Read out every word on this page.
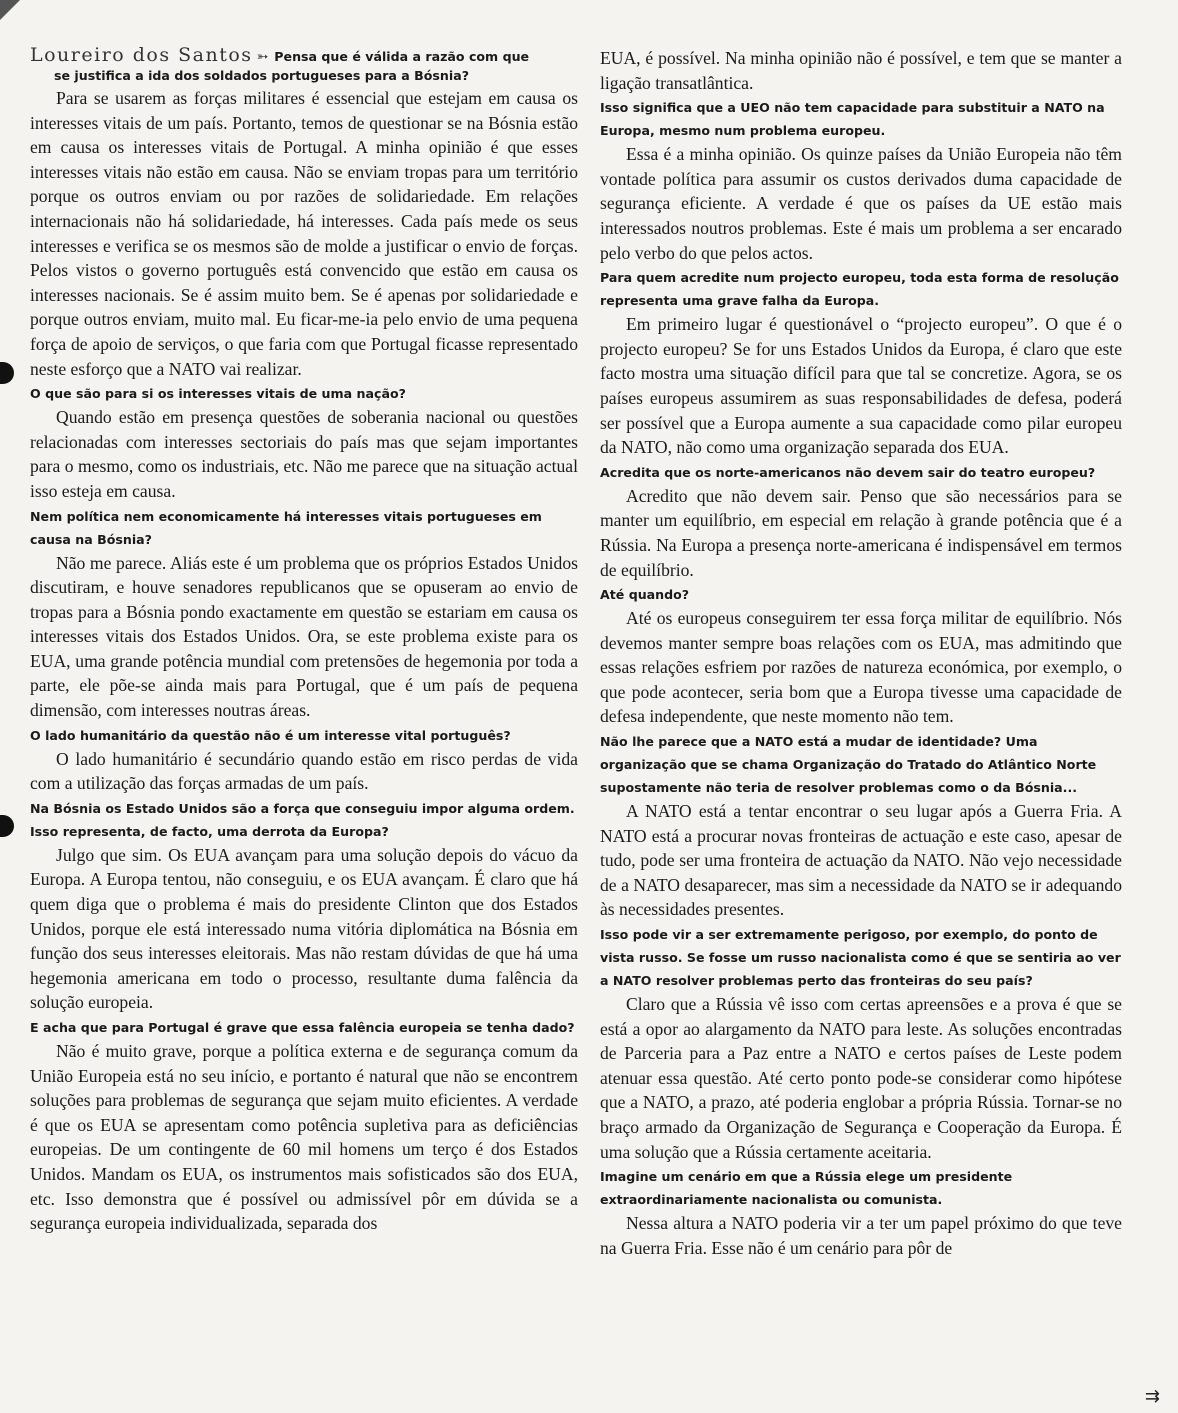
Loureiro dos Santos ➳ Pensa que é válida a razão com que
se justifica a ida dos soldados portugueses para a Bósnia?

Para se usarem as forças militares é essencial que estejam em causa os interesses vitais de um país. Portanto, temos de questionar se na Bósnia estão em causa os interesses vitais de Portugal. A minha opinião é que esses interesses vitais não estão em causa. Não se enviam tropas para um território porque os outros enviam ou por razões de solidariedade. Em relações internacionais não há solidariedade, há interesses. Cada país mede os seus interesses e verifica se os mesmos são de molde a justificar o envio de forças. Pelos vistos o governo português está convencido que estão em causa os interesses nacionais. Se é assim muito bem. Se é apenas por solidariedade e porque outros enviam, muito mal. Eu ficar-me-ia pelo envio de uma pequena força de apoio de serviços, o que faria com que Portugal ficasse representado neste esforço que a NATO vai realizar.

O que são para si os interesses vitais de uma nação?

Quando estão em presença questões de soberania nacional ou questões relacionadas com interesses sectoriais do país mas que sejam importantes para o mesmo, como os industriais, etc. Não me parece que na situação actual isso esteja em causa.

Nem política nem economicamente há interesses vitais portugueses em causa na Bósnia?

Não me parece. Aliás este é um problema que os próprios Estados Unidos discutiram, e houve senadores republicanos que se opuseram ao envio de tropas para a Bósnia pondo exactamente em questão se estariam em causa os interesses vitais dos Estados Unidos. Ora, se este problema existe para os EUA, uma grande potência mundial com pretensões de hegemonia por toda a parte, ele põe-se ainda mais para Portugal, que é um país de pequena dimensão, com interesses noutras áreas.

O lado humanitário da questão não é um interesse vital português?

O lado humanitário é secundário quando estão em risco perdas de vida com a utilização das forças armadas de um país.

Na Bósnia os Estado Unidos são a força que conseguiu impor alguma ordem. Isso representa, de facto, uma derrota da Europa?

Julgo que sim. Os EUA avançam para uma solução depois do vácuo da Europa. A Europa tentou, não conseguiu, e os EUA avançam. É claro que há quem diga que o problema é mais do presidente Clinton que dos Estados Unidos, porque ele está interessado numa vitória diplomática na Bósnia em função dos seus interesses eleitorais. Mas não restam dúvidas de que há uma hegemonia americana em todo o processo, resultante duma falência da solução europeia.

E acha que para Portugal é grave que essa falência europeia se tenha dado?

Não é muito grave, porque a política externa e de segurança comum da União Europeia está no seu início, e portanto é natural que não se encontrem soluções para problemas de segurança que sejam muito eficientes. A verdade é que os EUA se apresentam como potência supletiva para as deficiências europeias. De um contingente de 60 mil homens um terço é dos Estados Unidos. Mandam os EUA, os instrumentos mais sofisticados são dos EUA, etc. Isso demonstra que é possível ou admissível pôr em dúvida se a segurança europeia individualizada, separada dos

EUA, é possível. Na minha opinião não é possível, e tem que se manter a ligação transatlântica.

Isso significa que a UEO não tem capacidade para substituir a NATO na Europa, mesmo num problema europeu.

Essa é a minha opinião. Os quinze países da União Europeia não têm vontade política para assumir os custos derivados duma capacidade de segurança eficiente. A verdade é que os países da UE estão mais interessados noutros problemas. Este é mais um problema a ser encarado pelo verbo do que pelos actos.

Para quem acredite num projecto europeu, toda esta forma de resolução representa uma grave falha da Europa.

Em primeiro lugar é questionável o “projecto europeu”. O que é o projecto europeu? Se for uns Estados Unidos da Europa, é claro que este facto mostra uma situação difícil para que tal se concretize. Agora, se os países europeus assumirem as suas responsabilidades de defesa, poderá ser possível que a Europa aumente a sua capacidade como pilar europeu da NATO, não como uma organização separada dos EUA.

Acredita que os norte-americanos não devem sair do teatro europeu?

Acredito que não devem sair. Penso que são necessários para se manter um equilíbrio, em especial em relação à grande potência que é a Rússia. Na Europa a presença norte-americana é indispensável em termos de equilíbrio.

Até quando?

Até os europeus conseguirem ter essa força militar de equilíbrio. Nós devemos manter sempre boas relações com os EUA, mas admitindo que essas relações esfriem por razões de natureza económica, por exemplo, o que pode acontecer, seria bom que a Europa tivesse uma capacidade de defesa independente, que neste momento não tem.

Não lhe parece que a NATO está a mudar de identidade? Uma organização que se chama Organização do Tratado do Atlântico Norte supostamente não teria de resolver problemas como o da Bósnia...

A NATO está a tentar encontrar o seu lugar após a Guerra Fria. A NATO está a procurar novas fronteiras de actuação e este caso, apesar de tudo, pode ser uma fronteira de actuação da NATO. Não vejo necessidade de a NATO desaparecer, mas sim a necessidade da NATO se ir adequando às necessidades presentes.

Isso pode vir a ser extremamente perigoso, por exemplo, do ponto de vista russo. Se fosse um russo nacionalista como é que se sentiria ao ver a NATO resolver problemas perto das fronteiras do seu país?

Claro que a Rússia vê isso com certas apreensões e a prova é que se está a opor ao alargamento da NATO para leste. As soluções encontradas de Parceria para a Paz entre a NATO e certos países de Leste podem atenuar essa questão. Até certo ponto pode-se considerar como hipótese que a NATO, a prazo, até poderia englobar a própria Rússia. Tornar-se no braço armado da Organização de Segurança e Cooperação da Europa. É uma solução que a Rússia certamente aceitaria.

Imagine um cenário em que a Rússia elege um presidente extraordinariamente nacionalista ou comunista.

Nessa altura a NATO poderia vir a ter um papel próximo do que teve na Guerra Fria. Esse não é um cenário para pôr de

⇉
